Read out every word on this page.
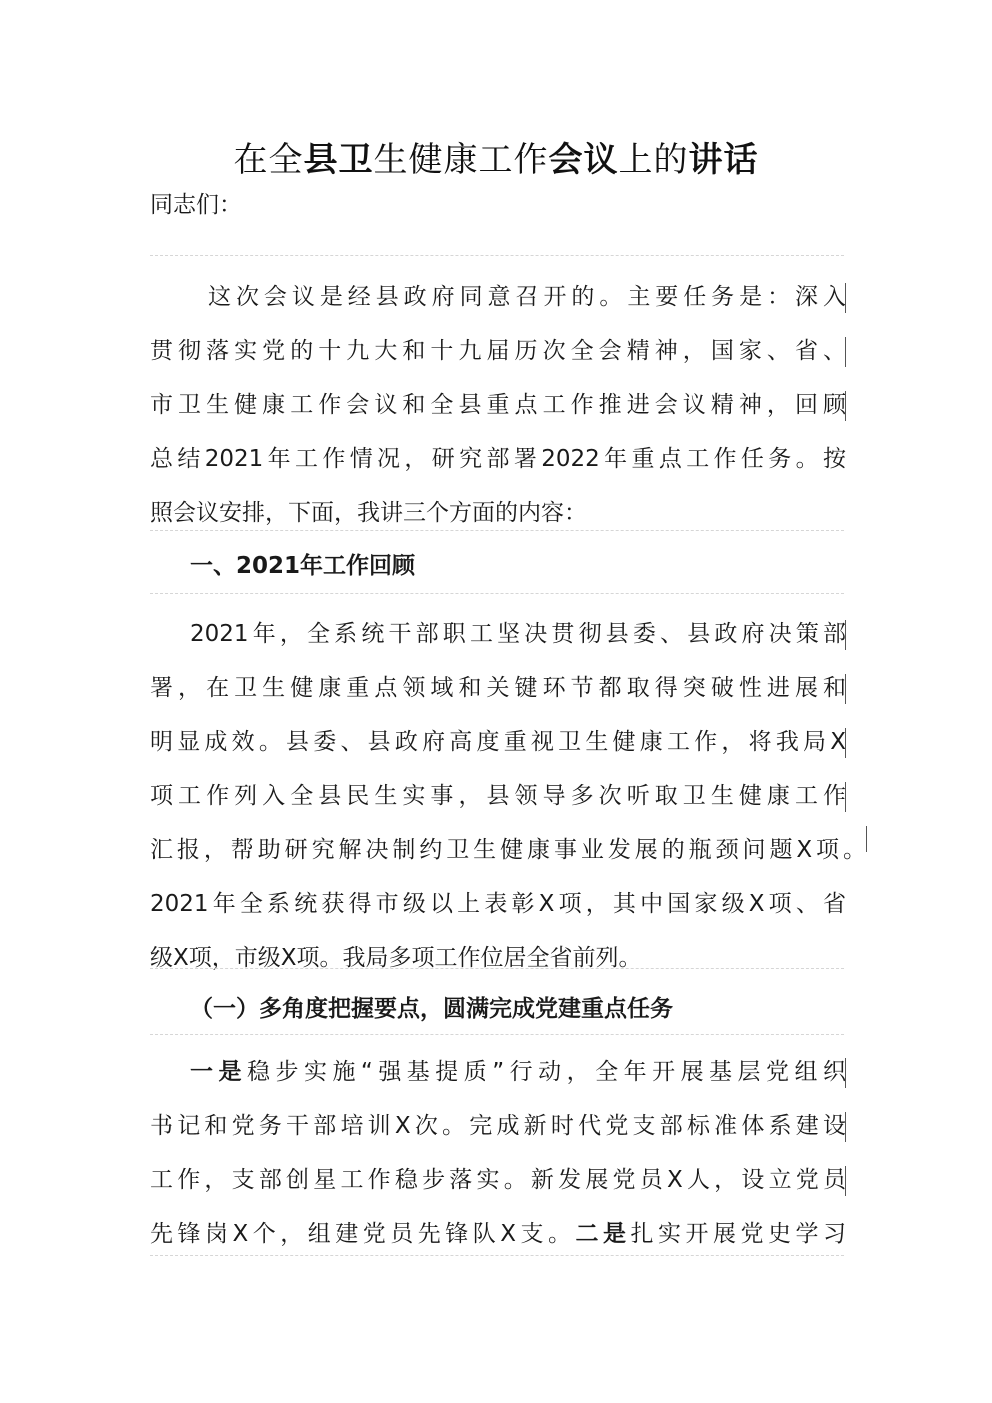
在全县卫生健康工作会议上的讲话
同志们：
这次会议是经县政府同意召开的。主要任务是：深入
贯彻落实党的十九大和十九届历次全会精神，国家、省、
市卫生健康工作会议和全县重点工作推进会议精神，回顾
总结2021年工作情况，研究部署2022年重点工作任务。按
照会议安排，下面，我讲三个方面的内容：
一、2021年工作回顾
2021年，全系统干部职工坚决贯彻县委、县政府决策部
署，在卫生健康重点领域和关键环节都取得突破性进展和
明显成效。县委、县政府高度重视卫生健康工作，将我局X
项工作列入全县民生实事，县领导多次听取卫生健康工作
汇报，帮助研究解决制约卫生健康事业发展的瓶颈问题X项。
2021年全系统获得市级以上表彰X项，其中国家级X项、省
级X项，市级X项。我局多项工作位居全省前列。
（一）多角度把握要点，圆满完成党建重点任务
一是稳步实施“强基提质”行动，全年开展基层党组织
书记和党务干部培训X次。完成新时代党支部标准体系建设
工作，支部创星工作稳步落实。新发展党员X人，设立党员
先锋岗X个，组建党员先锋队X支。二是扎实开展党史学习
